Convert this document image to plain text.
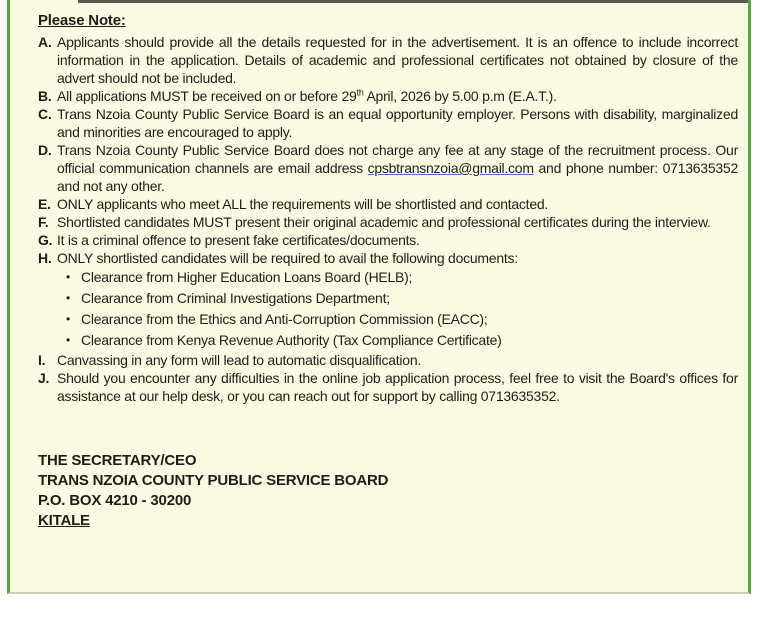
Please Note:
A. Applicants should provide all the details requested for in the advertisement. It is an offence to include incorrect information in the application. Details of academic and professional certificates not obtained by closure of the advert should not be included.
B. All applications MUST be received on or before 29th April, 2026 by 5.00 p.m (E.A.T.).
C. Trans Nzoia County Public Service Board is an equal opportunity employer. Persons with disability, marginalized and minorities are encouraged to apply.
D. Trans Nzoia County Public Service Board does not charge any fee at any stage of the recruitment process. Our official communication channels are email address cpsbtransnzoia@gmail.com and phone number: 0713635352 and not any other.
E. ONLY applicants who meet ALL the requirements will be shortlisted and contacted.
F. Shortlisted candidates MUST present their original academic and professional certificates during the interview.
G. It is a criminal offence to present fake certificates/documents.
H. ONLY shortlisted candidates will be required to avail the following documents:
• Clearance from Higher Education Loans Board (HELB);
• Clearance from Criminal Investigations Department;
• Clearance from the Ethics and Anti-Corruption Commission (EACC);
• Clearance from Kenya Revenue Authority (Tax Compliance Certificate)
I. Canvassing in any form will lead to automatic disqualification.
J. Should you encounter any difficulties in the online job application process, feel free to visit the Board's offices for assistance at our help desk, or you can reach out for support by calling 0713635352.
THE SECRETARY/CEO
TRANS NZOIA COUNTY PUBLIC SERVICE BOARD
P.O. BOX 4210 - 30200
KITALE
